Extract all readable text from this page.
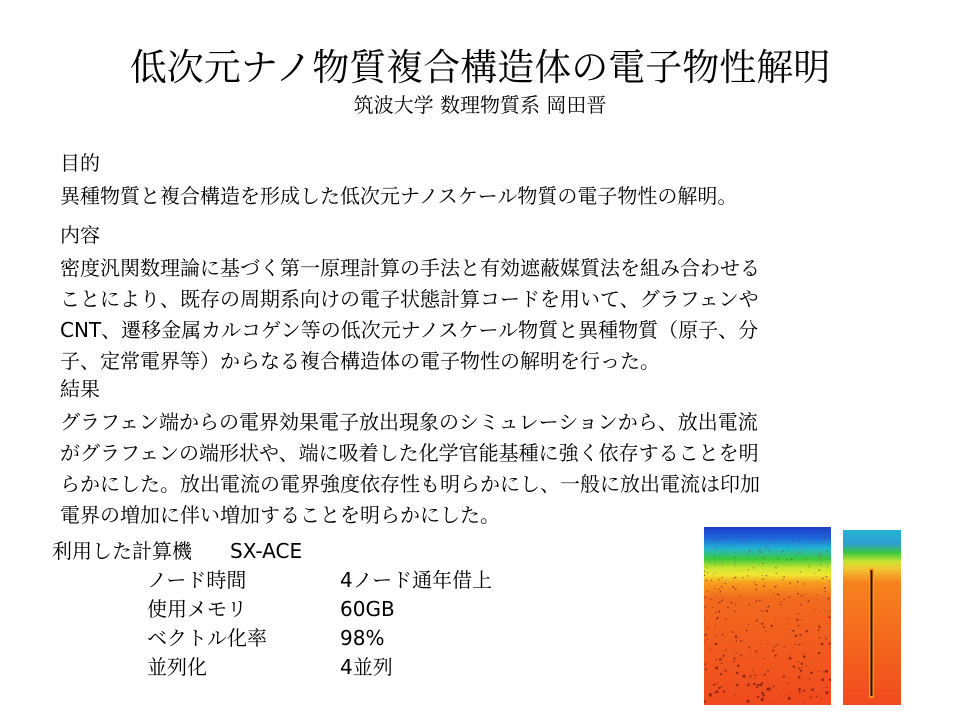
低次元ナノ物質複合構造体の電子物性解明
筑波大学 数理物質系 岡田晋
目的
異種物質と複合構造を形成した低次元ナノスケール物質の電子物性の解明。
内容
密度汎関数理論に基づく第一原理計算の手法と有効遮蔽媒質法を組み合わせる
ことにより、既存の周期系向けの電子状態計算コードを用いて、グラフェンや
CNT、遷移金属カルコゲン等の低次元ナノスケール物質と異種物質（原子、分
子、定常電界等）からなる複合構造体の電子物性の解明を行った。
結果
グラフェン端からの電界効果電子放出現象のシミュレーションから、放出電流
がグラフェンの端形状や、端に吸着した化学官能基種に強く依存することを明
らかにした。放出電流の電界強度依存性も明らかにし、一般に放出電流は印加
電界の増加に伴い増加することを明らかにした。
利用した計算機 SX-ACE
ノード時間	4ノード通年借上
使用メモリ	60GB
ベクトル化率	98%
並列化	4並列
